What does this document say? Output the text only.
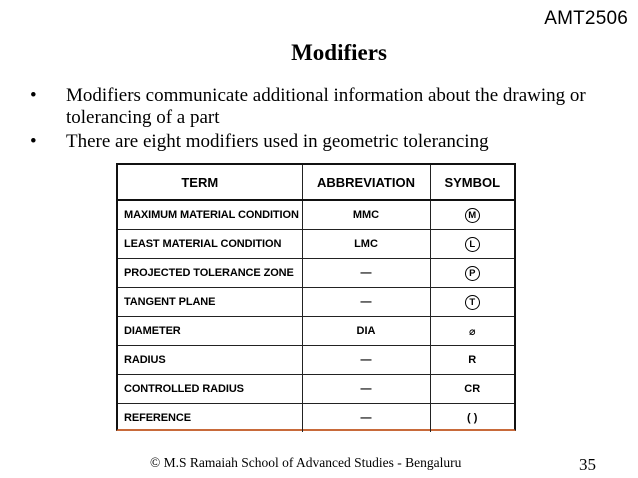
AMT2506
Modifiers
• Modifiers communicate additional information about the drawing or tolerancing of a part
• There are eight modifiers used in geometric tolerancing
TERM	ABBREVIATION	SYMBOL
MAXIMUM MATERIAL CONDITION	MMC	M
LEAST MATERIAL CONDITION	LMC	L
PROJECTED TOLERANCE ZONE	—	P
TANGENT PLANE	—	T
DIAMETER	DIA	⌀
RADIUS	—	R
CONTROLLED RADIUS	—	CR
REFERENCE	—	( )
© M.S Ramaiah School of Advanced Studies - Bengaluru	35
